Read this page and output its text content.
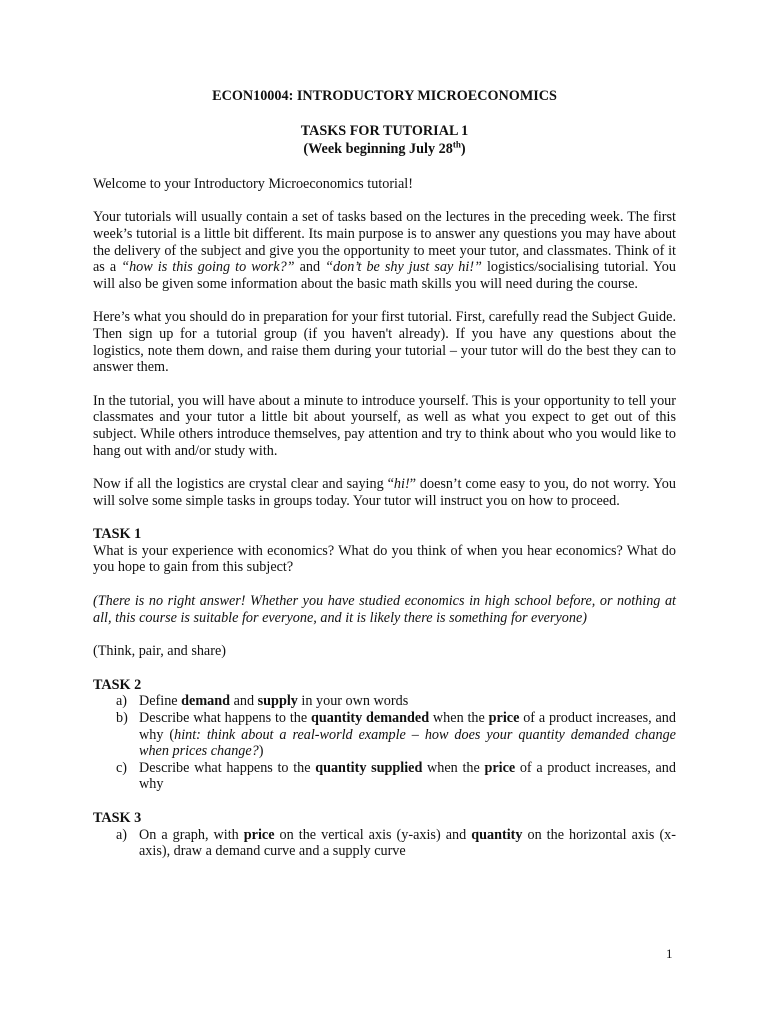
ECON10004: INTRODUCTORY MICROECONOMICS
TASKS FOR TUTORIAL 1
(Week beginning July 28th)

Welcome to your Introductory Microeconomics tutorial!

Your tutorials will usually contain a set of tasks based on the lectures in the preceding week. The first week’s tutorial is a little bit different. Its main purpose is to answer any questions you may have about the delivery of the subject and give you the opportunity to meet your tutor, and classmates. Think of it as a “how is this going to work?” and “don’t be shy just say hi!” logistics/socialising tutorial. You will also be given some information about the basic math skills you will need during the course.

Here’s what you should do in preparation for your first tutorial. First, carefully read the Subject Guide. Then sign up for a tutorial group (if you haven't already). If you have any questions about the logistics, note them down, and raise them during your tutorial – your tutor will do the best they can to answer them.

In the tutorial, you will have about a minute to introduce yourself. This is your opportunity to tell your classmates and your tutor a little bit about yourself, as well as what you expect to get out of this subject. While others introduce themselves, pay attention and try to think about who you would like to hang out with and/or study with.

Now if all the logistics are crystal clear and saying “hi!” doesn’t come easy to you, do not worry. You will solve some simple tasks in groups today. Your tutor will instruct you on how to proceed.

TASK 1

What is your experience with economics? What do you think of when you hear economics? What do you hope to gain from this subject?

(There is no right answer! Whether you have studied economics in high school before, or nothing at all, this course is suitable for everyone, and it is likely there is something for everyone)

(Think, pair, and share)

TASK 2
a) Define demand and supply in your own words
b) Describe what happens to the quantity demanded when the price of a product increases, and why (hint: think about a real-world example – how does your quantity demanded change when prices change?)
c) Describe what happens to the quantity supplied when the price of a product increases, and why
TASK 3
a) On a graph, with price on the vertical axis (y-axis) and quantity on the horizontal axis (x-axis), draw a demand curve and a supply curve
1
